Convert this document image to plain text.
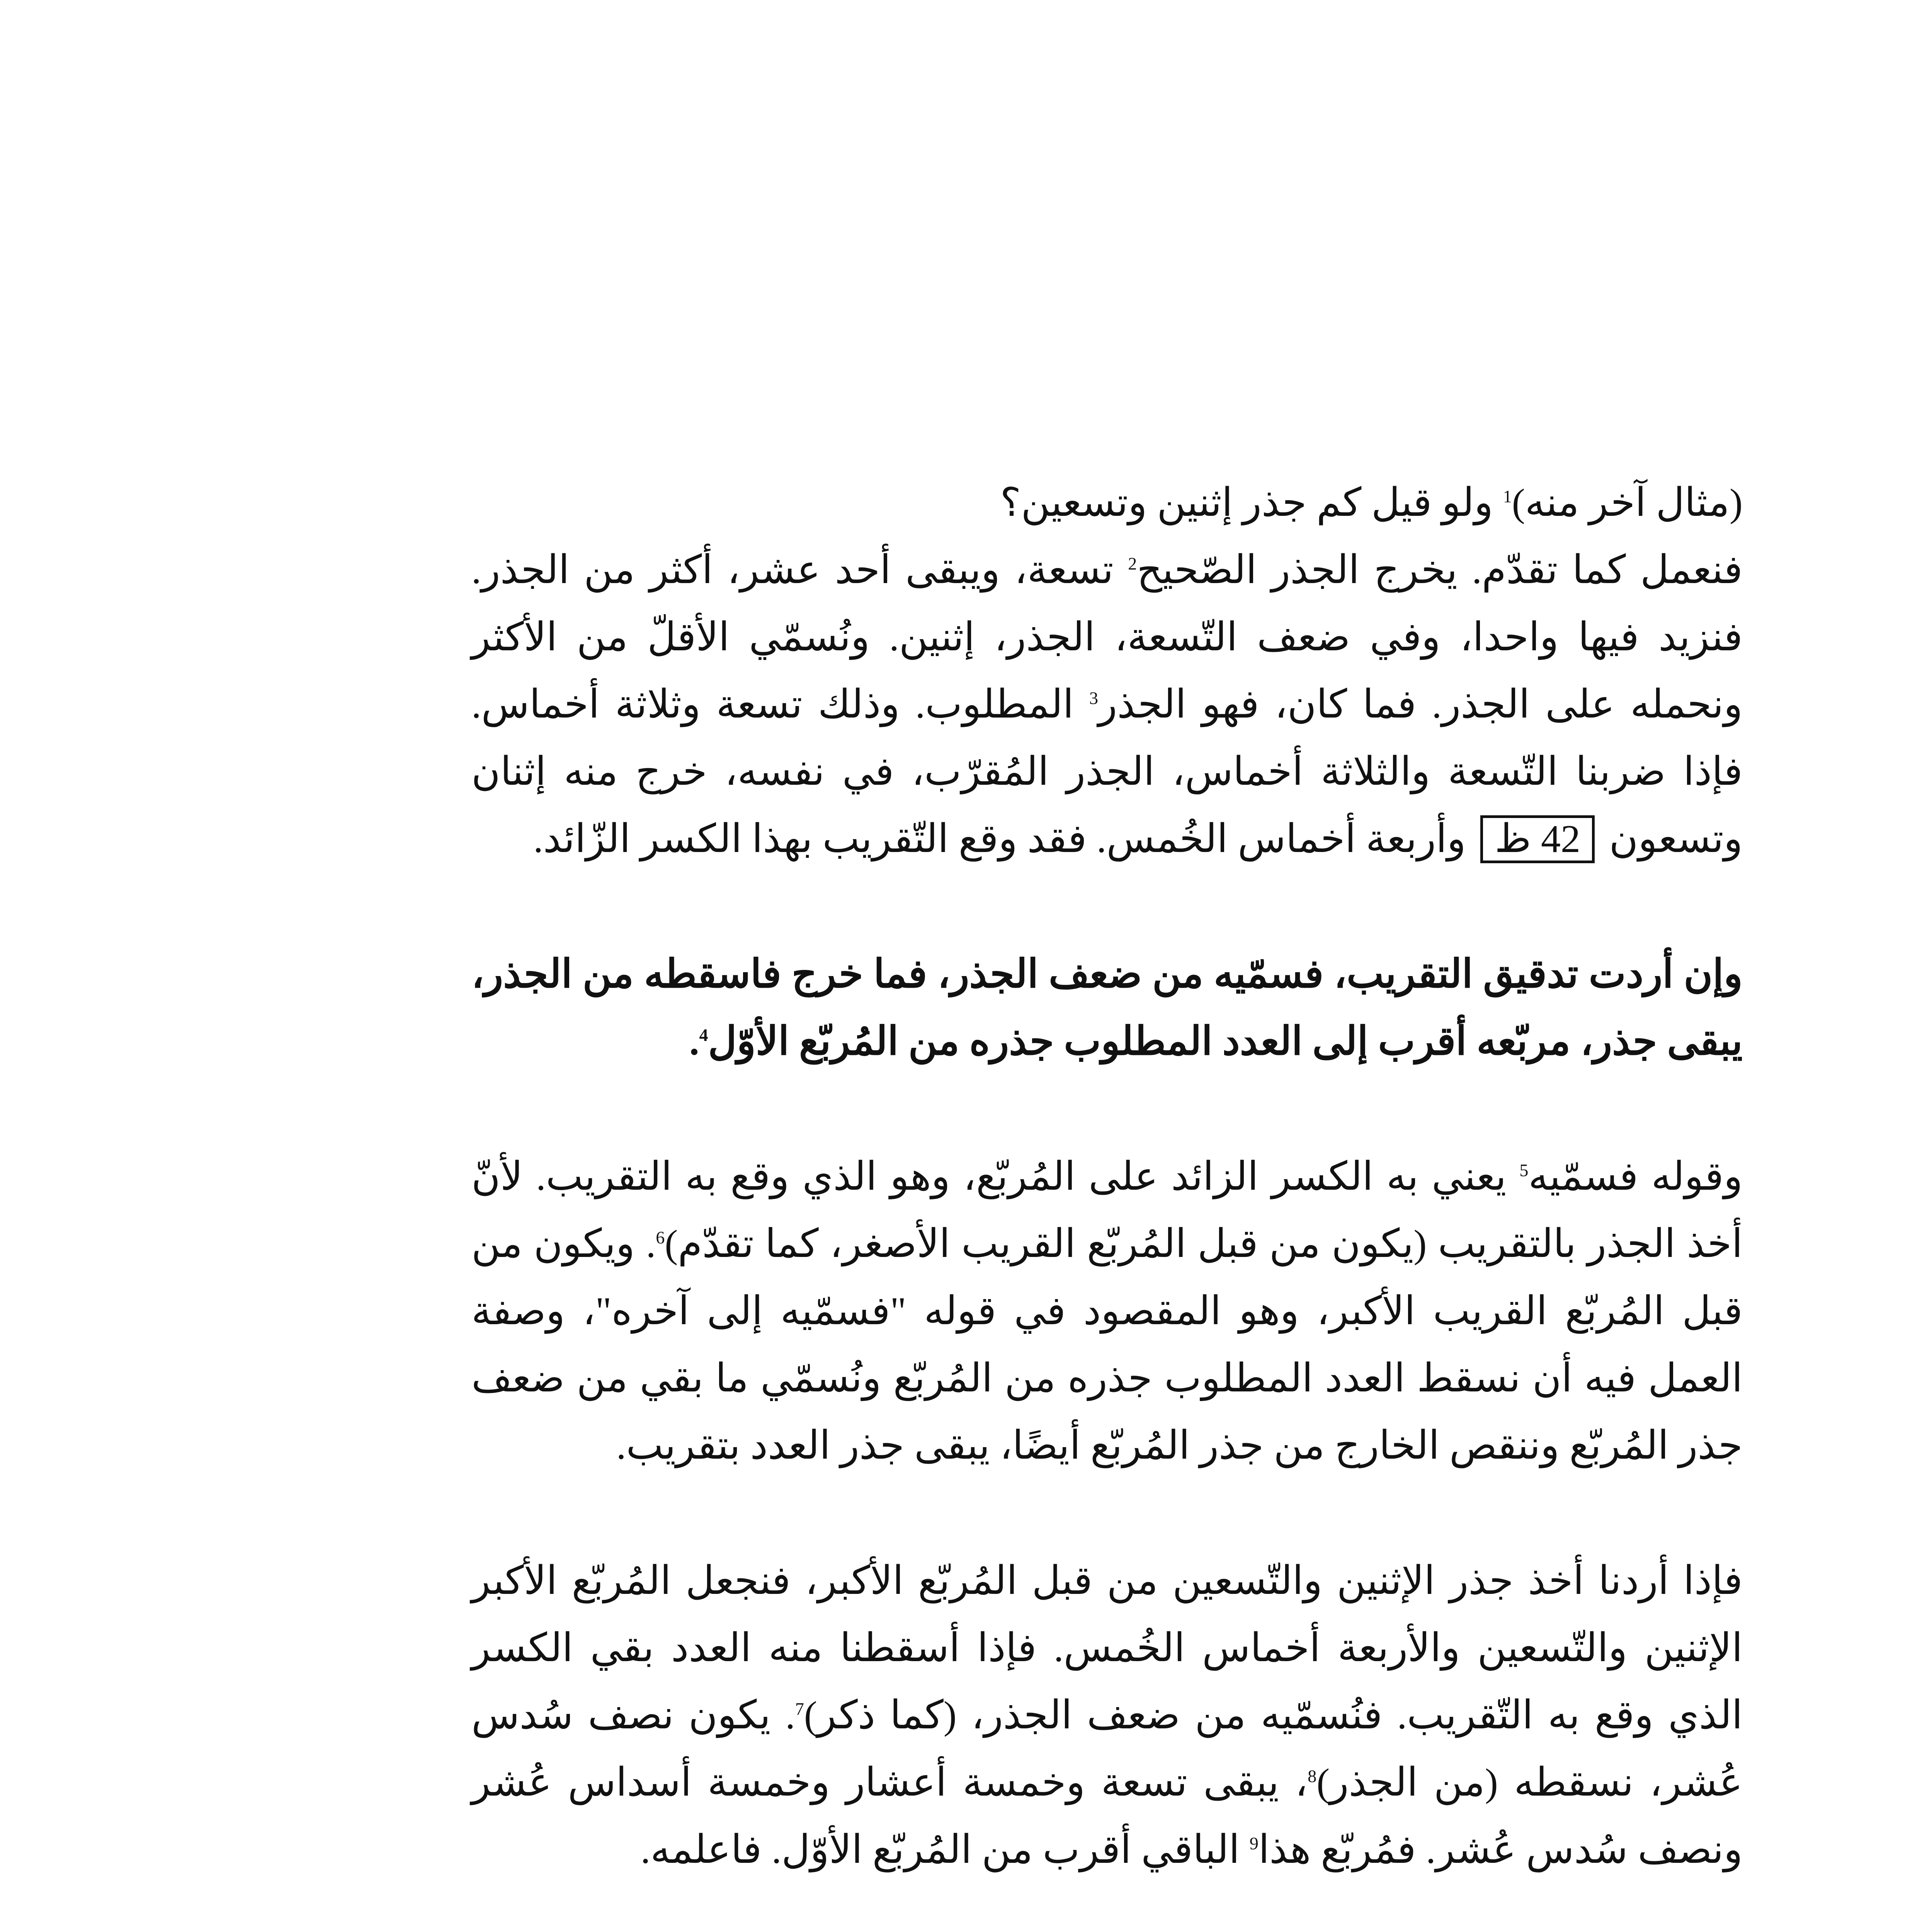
(مثال آخر منه)$^1$ ولو قيل كم جذر إثنين وتسعين؟
فنعمل كما تقدّم. يخرج الجذر الصّحيح$^2$ تسعة، ويبقى أحد عشر، أكثر من الجذر. فنزيد فيها واحدا، وفي ضعف التّسعة، الجذر، إثنين. ونُسمّي الأقلّ من الأكثر ونحمله على الجذر. فما كان، فهو الجذر$^3$ المطلوب. وذلك تسعة وثلاثة أخماس. فإذا ضربنا التّسعة والثلاثة أخماس، الجذر المُقرّب، في نفسه، خرج منه إثنان وتسعون 42 ظ وأربعة أخماس الخُمس. فقد وقع التّقريب بهذا الكسر الزّائد.

وإن أردت تدقيق التقريب، فسمّيه من ضعف الجذر، فما خرج فاسقطه من الجذر، يبقى جذر، مربّعه أقرب إلى العدد المطلوب جذره من المُربّع الأوّل$^4$.

وقوله فسمّيه$^5$ يعني به الكسر الزائد على المُربّع، وهو الذي وقع به التقريب. لأنّ أخذ الجذر بالتقريب (يكون من قبل المُربّع القريب الأصغر، كما تقدّم)$^6$. ويكون من قبل المُربّع القريب الأكبر، وهو المقصود في قوله "فسمّيه إلى آخره"، وصفة العمل فيه أن نسقط العدد المطلوب جذره من المُربّع ونُسمّي ما بقي من ضعف جذر المُربّع وننقص الخارج من جذر المُربّع أيضًا، يبقى جذر العدد بتقريب.

فإذا أردنا أخذ جذر الإثنين والتّسعين من قبل المُربّع الأكبر، فنجعل المُربّع الأكبر الإثنين والتّسعين والأربعة أخماس الخُمس. فإذا أسقطنا منه العدد بقي الكسر الذي وقع به التّقريب. فنُسمّيه من ضعف الجذر، (كما ذكر)$^7$. يكون نصف سُدس عُشر، نسقطه (من الجذر)$^8$، يبقى تسعة وخمسة أعشار وخمسة أسداس عُشر ونصف سُدس عُشر. فمُربّع هذا$^9$ الباقي أقرب من المُربّع الأوّل. فاعلمه.
